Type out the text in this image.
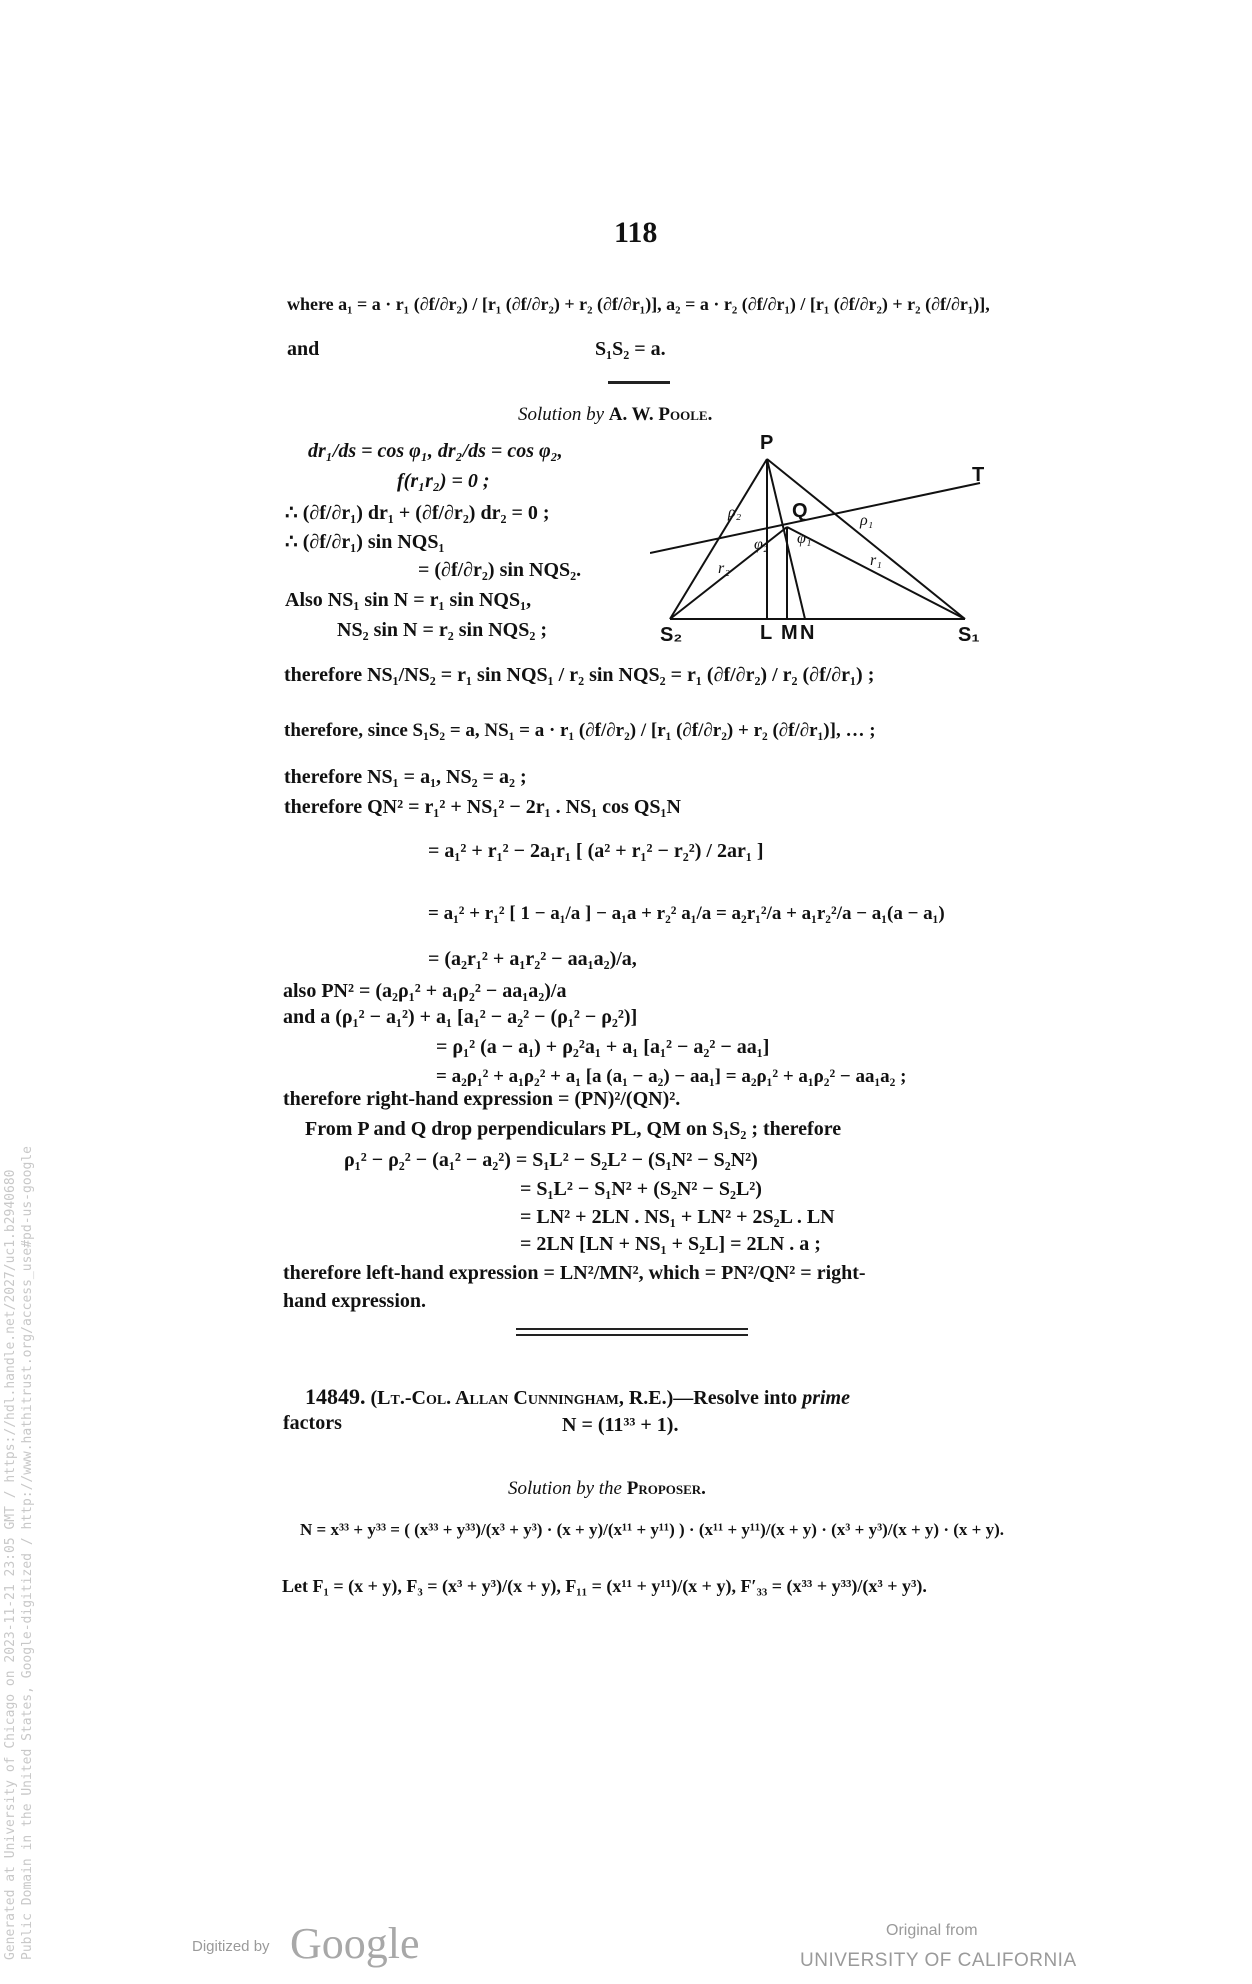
118
where a₁ = a · r₁ (∂f/∂r₂) / [r₁ (∂f/∂r₂) + r₂ (∂f/∂r₁)], a₂ = a · r₂ (∂f/∂r₁) / [r₁ (∂f/∂r₂) + r₂ (∂f/∂r₁)],
and	S₁S₂ = a.
Solution by A. W. Poole.
dr₁/ds = cos φ₁, dr₂/ds = cos φ₂,
f(r₁r₂) = 0 ;
∴ (∂f/∂r₁) dr₁ + (∂f/∂r₂) dr₂ = 0 ;
∴ (∂f/∂r₁) sin NQS₁
= (∂f/∂r₂) sin NQS₂.
Also NS₁ sin N = r₁ sin NQS₁,
NS₂ sin N = r₂ sin NQS₂ ;
therefore NS₁/NS₂ = r₁ sin NQS₁ / r₂ sin NQS₂ = r₁ (∂f/∂r₂) / r₂ (∂f/∂r₁) ;
therefore, since S₁S₂ = a, NS₁ = a · r₁ (∂f/∂r₂) / [r₁ (∂f/∂r₂) + r₂ (∂f/∂r₁)], … ;
therefore NS₁ = a₁, NS₂ = a₂ ;
therefore QN² = r₁² + NS₁² − 2r₁ . NS₁ cos QS₁N
= a₁² + r₁² − 2a₁r₁ [ (a² + r₁² − r₂²) / 2ar₁ ]
= a₁² + r₁² [ 1 − a₁/a ] − a₁a + r₂² a₁/a = a₂r₁²/a + a₁r₂²/a − a₁(a − a₁)
= (a₂r₁² + a₁r₂² − aa₁a₂)/a,
also PN² = (a₂ρ₁² + a₁ρ₂² − aa₁a₂)/a
and a (ρ₁² − a₁²) + a₁ [a₁² − a₂² − (ρ₁² − ρ₂²)]
= ρ₁² (a − a₁) + ρ₂²a₁ + a₁ [a₁² − a₂² − aa₁]
= a₂ρ₁² + a₁ρ₂² + a₁ [a (a₁ − a₂) − aa₁] = a₂ρ₁² + a₁ρ₂² − aa₁a₂ ;
therefore right-hand expression = (PN)²/(QN)².
From P and Q drop perpendiculars PL, QM on S₁S₂ ; therefore
ρ₁² − ρ₂² − (a₁² − a₂²) = S₁L² − S₂L² − (S₁N² − S₂N²)
= S₁L² − S₁N² + (S₂N² − S₂L²)
= LN² + 2LN . NS₁ + LN² + 2S₂L . LN
= 2LN [LN + NS₁ + S₂L] = 2LN . a ;
therefore left-hand expression = LN²/MN², which = PN²/QN² = right-
hand expression.
P
Q
T
S₂	S₁
L M N
ρ₂	ρ₁
r₂	r₁
φ₁
φ₂
14849. (Lt.-Col. Allan Cunningham, R.E.)—Resolve into prime
factors	N = (11³³ + 1).
Solution by the Proposer.
N = x³³ + y³³ = ( (x³³ + y³³)/(x³ + y³) · (x + y)/(x¹¹ + y¹¹) ) · (x¹¹ + y¹¹)/(x + y) · (x³ + y³)/(x + y) · (x + y).
Let F₁ = (x + y), F₃ = (x³ + y³)/(x + y), F₁₁ = (x¹¹ + y¹¹)/(x + y), F′₃₃ = (x³³ + y³³)/(x³ + y³).
Generated at University of Chicago on 2023-11-21 23:05 GMT / https://hdl.handle.net/2027/uc1.b2940680 Public Domain in the United States, Google-digitized / http://www.hathitrust.org/access_use#pd-us-google	Digitized by Google	Original from
UNIVERSITY OF CALIFORNIA
